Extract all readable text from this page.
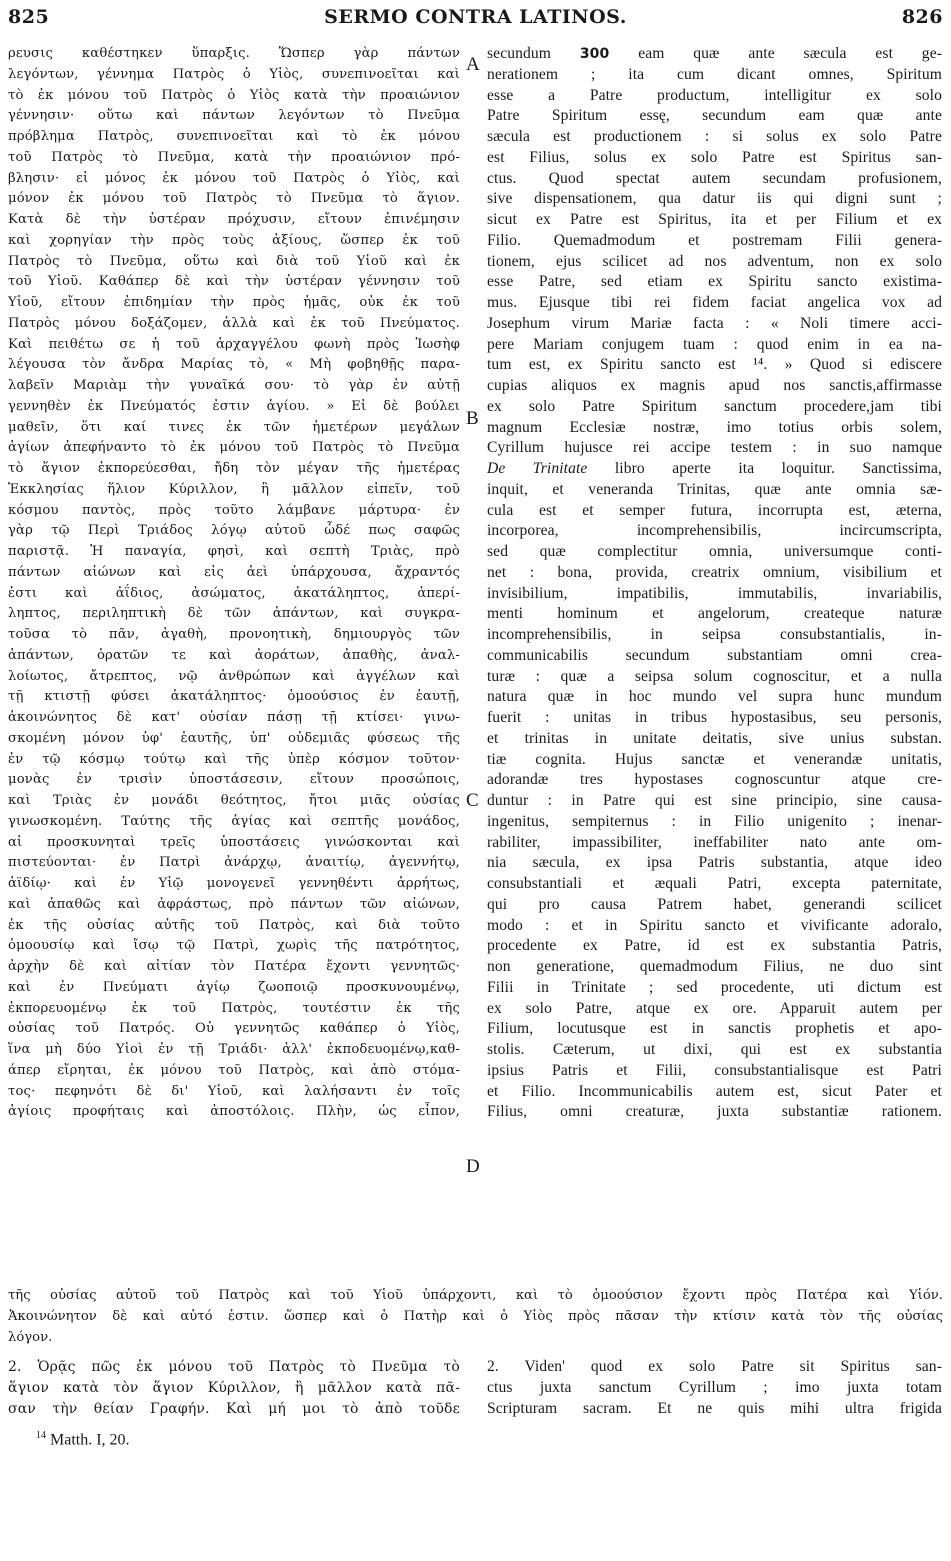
825	SERMO CONTRA LATINOS.	826
ρευσις καθέστηκεν ὕπαρξις. Ὥσπερ γὰρ πάντων
λεγόντων, γέννημα Πατρὸς ὁ Υἱὸς, συνεπινοεῖται καὶ
τὸ ἐκ μόνου τοῦ Πατρὸς ὁ Υἱὸς κατὰ τὴν προαιώνιον
γέννησιν· οὕτω καὶ πάντων λεγόντων τὸ Πνεῦμα
πρόβλημα Πατρὸς, συνεπινοεῖται καὶ τὸ ἐκ μόνου
τοῦ Πατρὸς τὸ Πνεῦμα, κατὰ τὴν προαιώνιον πρό-
βλησιν· εἰ μόνος ἐκ μόνου τοῦ Πατρὸς ὁ Υἱὸς, καὶ
μόνον ἐκ μόνου τοῦ Πατρὸς τὸ Πνεῦμα τὸ ἅγιον.
Κατὰ δὲ τὴν ὑστέραν πρόχυσιν, εἴτουν ἐπινέμησιν
καὶ χορηγίαν τὴν πρὸς τοὺς ἀξίους, ὥσπερ ἐκ τοῦ
Πατρὸς τὸ Πνεῦμα, οὕτω καὶ διὰ τοῦ Υἱοῦ καὶ ἐκ
τοῦ Υἱοῦ. Καθάπερ δὲ καὶ τὴν ὑστέραν γέννησιν τοῦ
Υἱοῦ, εἴτουν ἐπιδημίαν τὴν πρὸς ἡμᾶς, οὐκ ἐκ τοῦ
Πατρὸς μόνου δοξάζομεν, ἀλλὰ καὶ ἐκ τοῦ Πνεύματος.
Καὶ πειθέτω σε ἡ τοῦ ἀρχαγγέλου φωνὴ πρὸς Ἰωσὴφ
λέγουσα τὸν ἄνδρα Μαρίας τὸ, « Μὴ φοβηθῇς παρα-
λαβεῖν Μαριὰμ τὴν γυναῖκά σου· τὸ γὰρ ἐν αὐτῇ
γεννηθὲν ἐκ Πνεύματός ἐστιν ἁγίου. » Εἰ δὲ βούλει
μαθεῖν, ὅτι καί τινες ἐκ τῶν ἡμετέρων μεγάλων
ἁγίων ἀπεφήναντο τὸ ἐκ μόνου τοῦ Πατρὸς τὸ Πνεῦμα
τὸ ἅγιον ἐκπορεύεσθαι, ἤδη τὸν μέγαν τῆς ἡμετέρας
Ἐκκλησίας ἥλιον Κύριλλον, ἢ μᾶλλον εἰπεῖν, τοῦ
κόσμου παντὸς, πρὸς τοῦτο λάμβανε μάρτυρα· ἐν
γὰρ τῷ Περὶ Τριάδος λόγῳ αὐτοῦ ὧδέ πως σαφῶς
παριστᾷ. Ἡ παναγία, φησὶ, καὶ σεπτὴ Τριὰς, πρὸ
πάντων αἰώνων καὶ εἰς ἀεὶ ὑπάρχουσα, ἄχραντός
ἐστι καὶ ἀΐδιος, ἀσώματος, ἀκατάληπτος, ἀπερί-
ληπτος, περιληπτικὴ δὲ τῶν ἁπάντων, καὶ συγκρα-
τοῦσα τὸ πᾶν, ἀγαθὴ, προνοητικὴ, δημιουργὸς τῶν
ἁπάντων, ὁρατῶν τε καὶ ἀοράτων, ἀπαθὴς, ἀναλ-
λοίωτος, ἄτρεπτος, νῷ ἀνθρώπων καὶ ἀγγέλων καὶ
τῇ κτιστῇ φύσει ἀκατάληπτος· ὁμοούσιος ἐν ἑαυτῇ,
ἀκοινώνητος δὲ κατ' οὐσίαν πάσῃ τῇ κτίσει· γινω-
σκομένη μόνον ὑφ' ἑαυτῆς, ὑπ' οὐδεμιᾶς φύσεως τῆς
ἐν τῷ κόσμῳ τούτῳ καὶ τῆς ὑπὲρ κόσμον τοῦτον·
μονὰς ἐν τρισὶν ὑποστάσεσιν, εἴτουν προσώποις,
καὶ Τριὰς ἐν μονάδι θεότητος, ἤτοι μιᾶς οὐσίας
γινωσκομένη. Ταύτης τῆς ἁγίας καὶ σεπτῆς μονάδος,
αἱ προσκυνηταὶ τρεῖς ὑποστάσεις γινώσκονται καὶ
πιστεύονται· ἐν Πατρὶ ἀνάρχῳ, ἀναιτίῳ, ἀγεννήτῳ,
ἀϊδίῳ· καὶ ἐν Υἱῷ μονογενεῖ γεννηθέντι ἀρρήτως,
καὶ ἀπαθῶς καὶ ἀφράστως, πρὸ πάντων τῶν αἰώνων,
ἐκ τῆς οὐσίας αὐτῆς τοῦ Πατρὸς, καὶ διὰ τοῦτο
ὁμοουσίῳ καὶ ἴσῳ τῷ Πατρὶ, χωρὶς τῆς πατρότητος,
ἀρχὴν δὲ καὶ αἰτίαν τὸν Πατέρα ἔχοντι γεννητῶς·
καὶ ἐν Πνεύματι ἁγίῳ ζωοποιῷ προσκυνουμένῳ,
ἐκπορευομένῳ ἐκ τοῦ Πατρὸς, τουτέστιν ἐκ τῆς
οὐσίας τοῦ Πατρός. Οὐ γεννητῶς καθάπερ ὁ Υἱὸς,
ἵνα μὴ δύο Υἱοὶ ἐν τῇ Τριάδι· ἀλλ' ἐκποδευομένῳ,καθ-
άπερ εἴρηται, ἐκ μόνου τοῦ Πατρὸς, καὶ ἀπὸ στόμα-
τος· πεφηνότι δὲ δι' Υἱοῦ, καὶ λαλήσαντι ἐν τοῖς
ἁγίοις προφήταις καὶ ἀποστόλοις. Πλὴν, ὡς εἶπον,
secundum 300 eam quæ ante sæcula est ge-
nerationem ; ita cum dicant omnes, Spiritum
esse a Patre productum, intelligitur ex solo
Patre Spiritum essę, secundum eam quæ ante
sæcula est productionem : si solus ex solo Patre
est Filius, solus ex solo Patre est Spiritus san-
ctus. Quod spectat autem secundam profusionem,
sive dispensationem, qua datur iis qui digni sunt ;
sicut ex Patre est Spiritus, ita et per Filium et ex
Filio. Quemadmodum et postremam Filii genera-
tionem, ejus scilicet ad nos adventum, non ex solo
esse Patre, sed etiam ex Spiritu sancto existima-
mus. Ejusque tibi rei fidem faciat angelica vox ad
Josephum virum Mariæ facta : « Noli timere acci-
pere Mariam conjugem tuam : quod enim in ea na-
tum est, ex Spiritu sancto est ¹⁴. » Quod si ediscere
cupias aliquos ex magnis apud nos sanctis,affirmasse
ex solo Patre Spiritum sanctum procedere,jam tibi
magnum Ecclesiæ nostræ, imo totius orbis solem,
Cyrillum hujusce rei accipe testem : in suo namque
De Trinitate libro aperte ita loquitur. Sanctissima,
inquit, et veneranda Trinitas, quæ ante omnia sæ-
cula est et semper futura, incorrupta est, æterna,
incorporea, incomprehensibilis, incircumscripta,
sed quæ complectitur omnia, universumque conti-
net : bona, provida, creatrix omnium, visibilium et
invisibilium, impatibilis, immutabilis, invariabilis,
menti hominum et angelorum, createque naturæ
incomprehensibilis, in seipsa consubstantialis, in-
communicabilis secundum substantiam omni crea-
turæ : quæ a seipsa solum cognoscitur, et a nulla
natura quæ in hoc mundo vel supra hunc mundum
fuerit : unitas in tribus hypostasibus, seu personis,
et trinitas in unitate deitatis, sive unius substan.
tiæ cognita. Hujus sanctæ et venerandæ unitatis,
adorandæ tres hypostases cognoscuntur atque cre-
duntur : in Patre qui est sine principio, sine causa-
ingenitus, sempiternus : in Filio unigenito ; inenar-
rabiliter, impassibiliter, ineffabiliter nato ante om-
nia sæcula, ex ipsa Patris substantia, atque ideo
consubstantiali et æquali Patri, excepta paternitate,
qui pro causa Patrem habet, generandi scilicet
modo : et in Spiritu sancto et vivificante adoralo,
procedente ex Patre, id est ex substantia Patris,
non generatione, quemadmodum Filius, ne duo sint
Filii in Trinitate ; sed procedente, uti dictum est
ex solo Patre, atque ex ore. Apparuit autem per
Filium, locutusque est in sanctis prophetis et apo-
stolis. Cæterum, ut dixi, qui est ex substantia
ipsius Patris et Filii, consubstantialisque est Patri
et Filio. Incommunicabilis autem est, sicut Pater et
Filius, omni creaturæ, juxta substantiæ rationem.
A
B
C
D
τῆς οὐσίας αὐτοῦ τοῦ Πατρὸς καὶ τοῦ Υἱοῦ ὑπάρχοντι, καὶ τὸ ὁμοούσιον ἔχοντι πρὸς Πατέρα καὶ Υἱόν.
Ἀκοινώνητον δὲ καὶ αὐτό ἐστιν. ὥσπερ καὶ ὁ Πατὴρ καὶ ὁ Υἱὸς πρὸς πᾶσαν τὴν κτίσιν κατὰ τὸν τῆς οὐσίας
λόγον.
2. Ὁρᾷς πῶς ἐκ μόνου τοῦ Πατρὸς τὸ Πνεῦμα τὸ
ἅγιον κατὰ τὸν ἅγιον Κύριλλον, ἢ μᾶλλον κατὰ πᾶ-
σαν τὴν θείαν Γραφήν. Καὶ μή μοι τὸ ἀπὸ τοῦδε
2. Viden' quod ex solo Patre sit Spiritus san-
ctus juxta sanctum Cyrillum ; imo juxta totam
Scripturam sacram. Et ne quis mihi ultra frigida
$^{14}$ Matth. I, 20.
